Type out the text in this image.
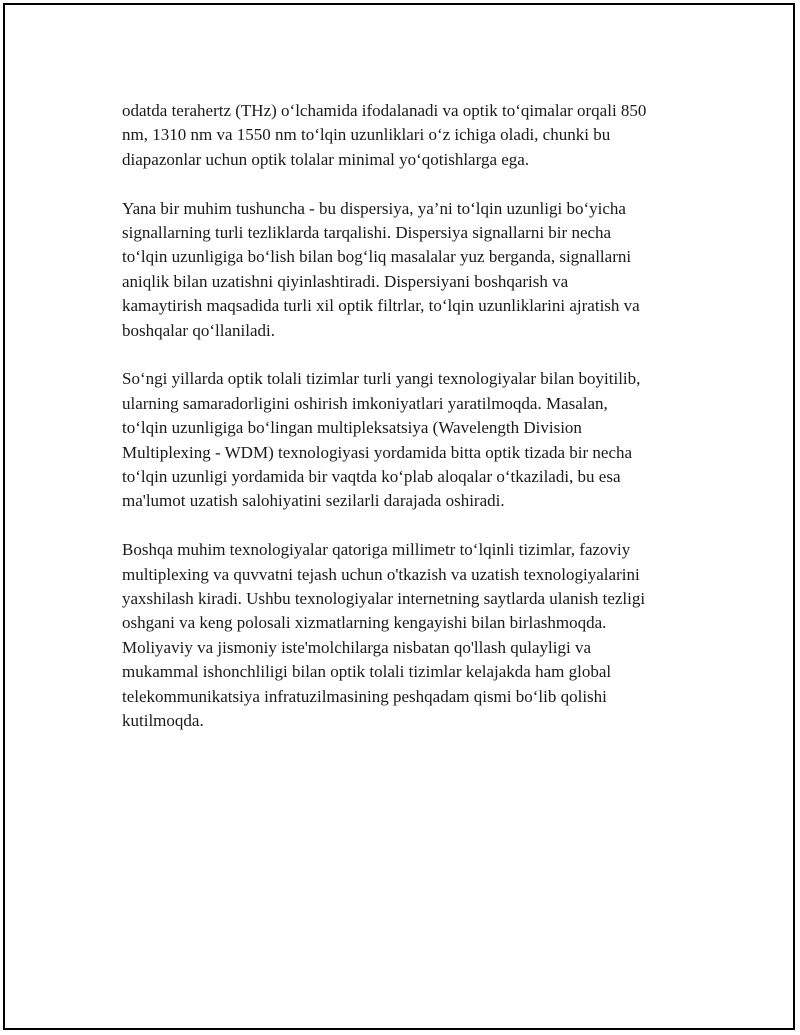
odatda terahertz (THz) o‘lchamida ifodalanadi va optik to‘qimalar orqali 850
nm, 1310 nm va 1550 nm to‘lqin uzunliklari o‘z ichiga oladi, chunki bu
diapazonlar uchun optik tolalar minimal yo‘qotishlarga ega.

Yana bir muhim tushuncha - bu dispersiya, ya’ni to‘lqin uzunligi bo‘yicha
signallarning turli tezliklarda tarqalishi. Dispersiya signallarni bir necha
to‘lqin uzunligiga bo‘lish bilan bog‘liq masalalar yuz berganda, signallarni
aniqlik bilan uzatishni qiyinlashtiradi. Dispersiyani boshqarish va
kamaytirish maqsadida turli xil optik filtrlar, to‘lqin uzunliklarini ajratish va
boshqalar qo‘llaniladi.

So‘ngi yillarda optik tolali tizimlar turli yangi texnologiyalar bilan boyitilib,
ularning samaradorligini oshirish imkoniyatlari yaratilmoqda. Masalan,
to‘lqin uzunligiga bo‘lingan multipleksatsiya (Wavelength Division
Multiplexing - WDM) texnologiyasi yordamida bitta optik tizada bir necha
to‘lqin uzunligi yordamida bir vaqtda ko‘plab aloqalar o‘tkaziladi, bu esa
ma'lumot uzatish salohiyatini sezilarli darajada oshiradi.

Boshqa muhim texnologiyalar qatoriga millimetr to‘lqinli tizimlar, fazoviy
multiplexing va quvvatni tejash uchun o'tkazish va uzatish texnologiyalarini
yaxshilash kiradi. Ushbu texnologiyalar internetning saytlarda ulanish tezligi
oshgani va keng polosali xizmatlarning kengayishi bilan birlashmoqda.
Moliyaviy va jismoniy iste'molchilarga nisbatan qo'llash qulayligi va
mukammal ishonchliligi bilan optik tolali tizimlar kelajakda ham global
telekommunikatsiya infratuzilmasining peshqadam qismi bo‘lib qolishi
kutilmoqda.
